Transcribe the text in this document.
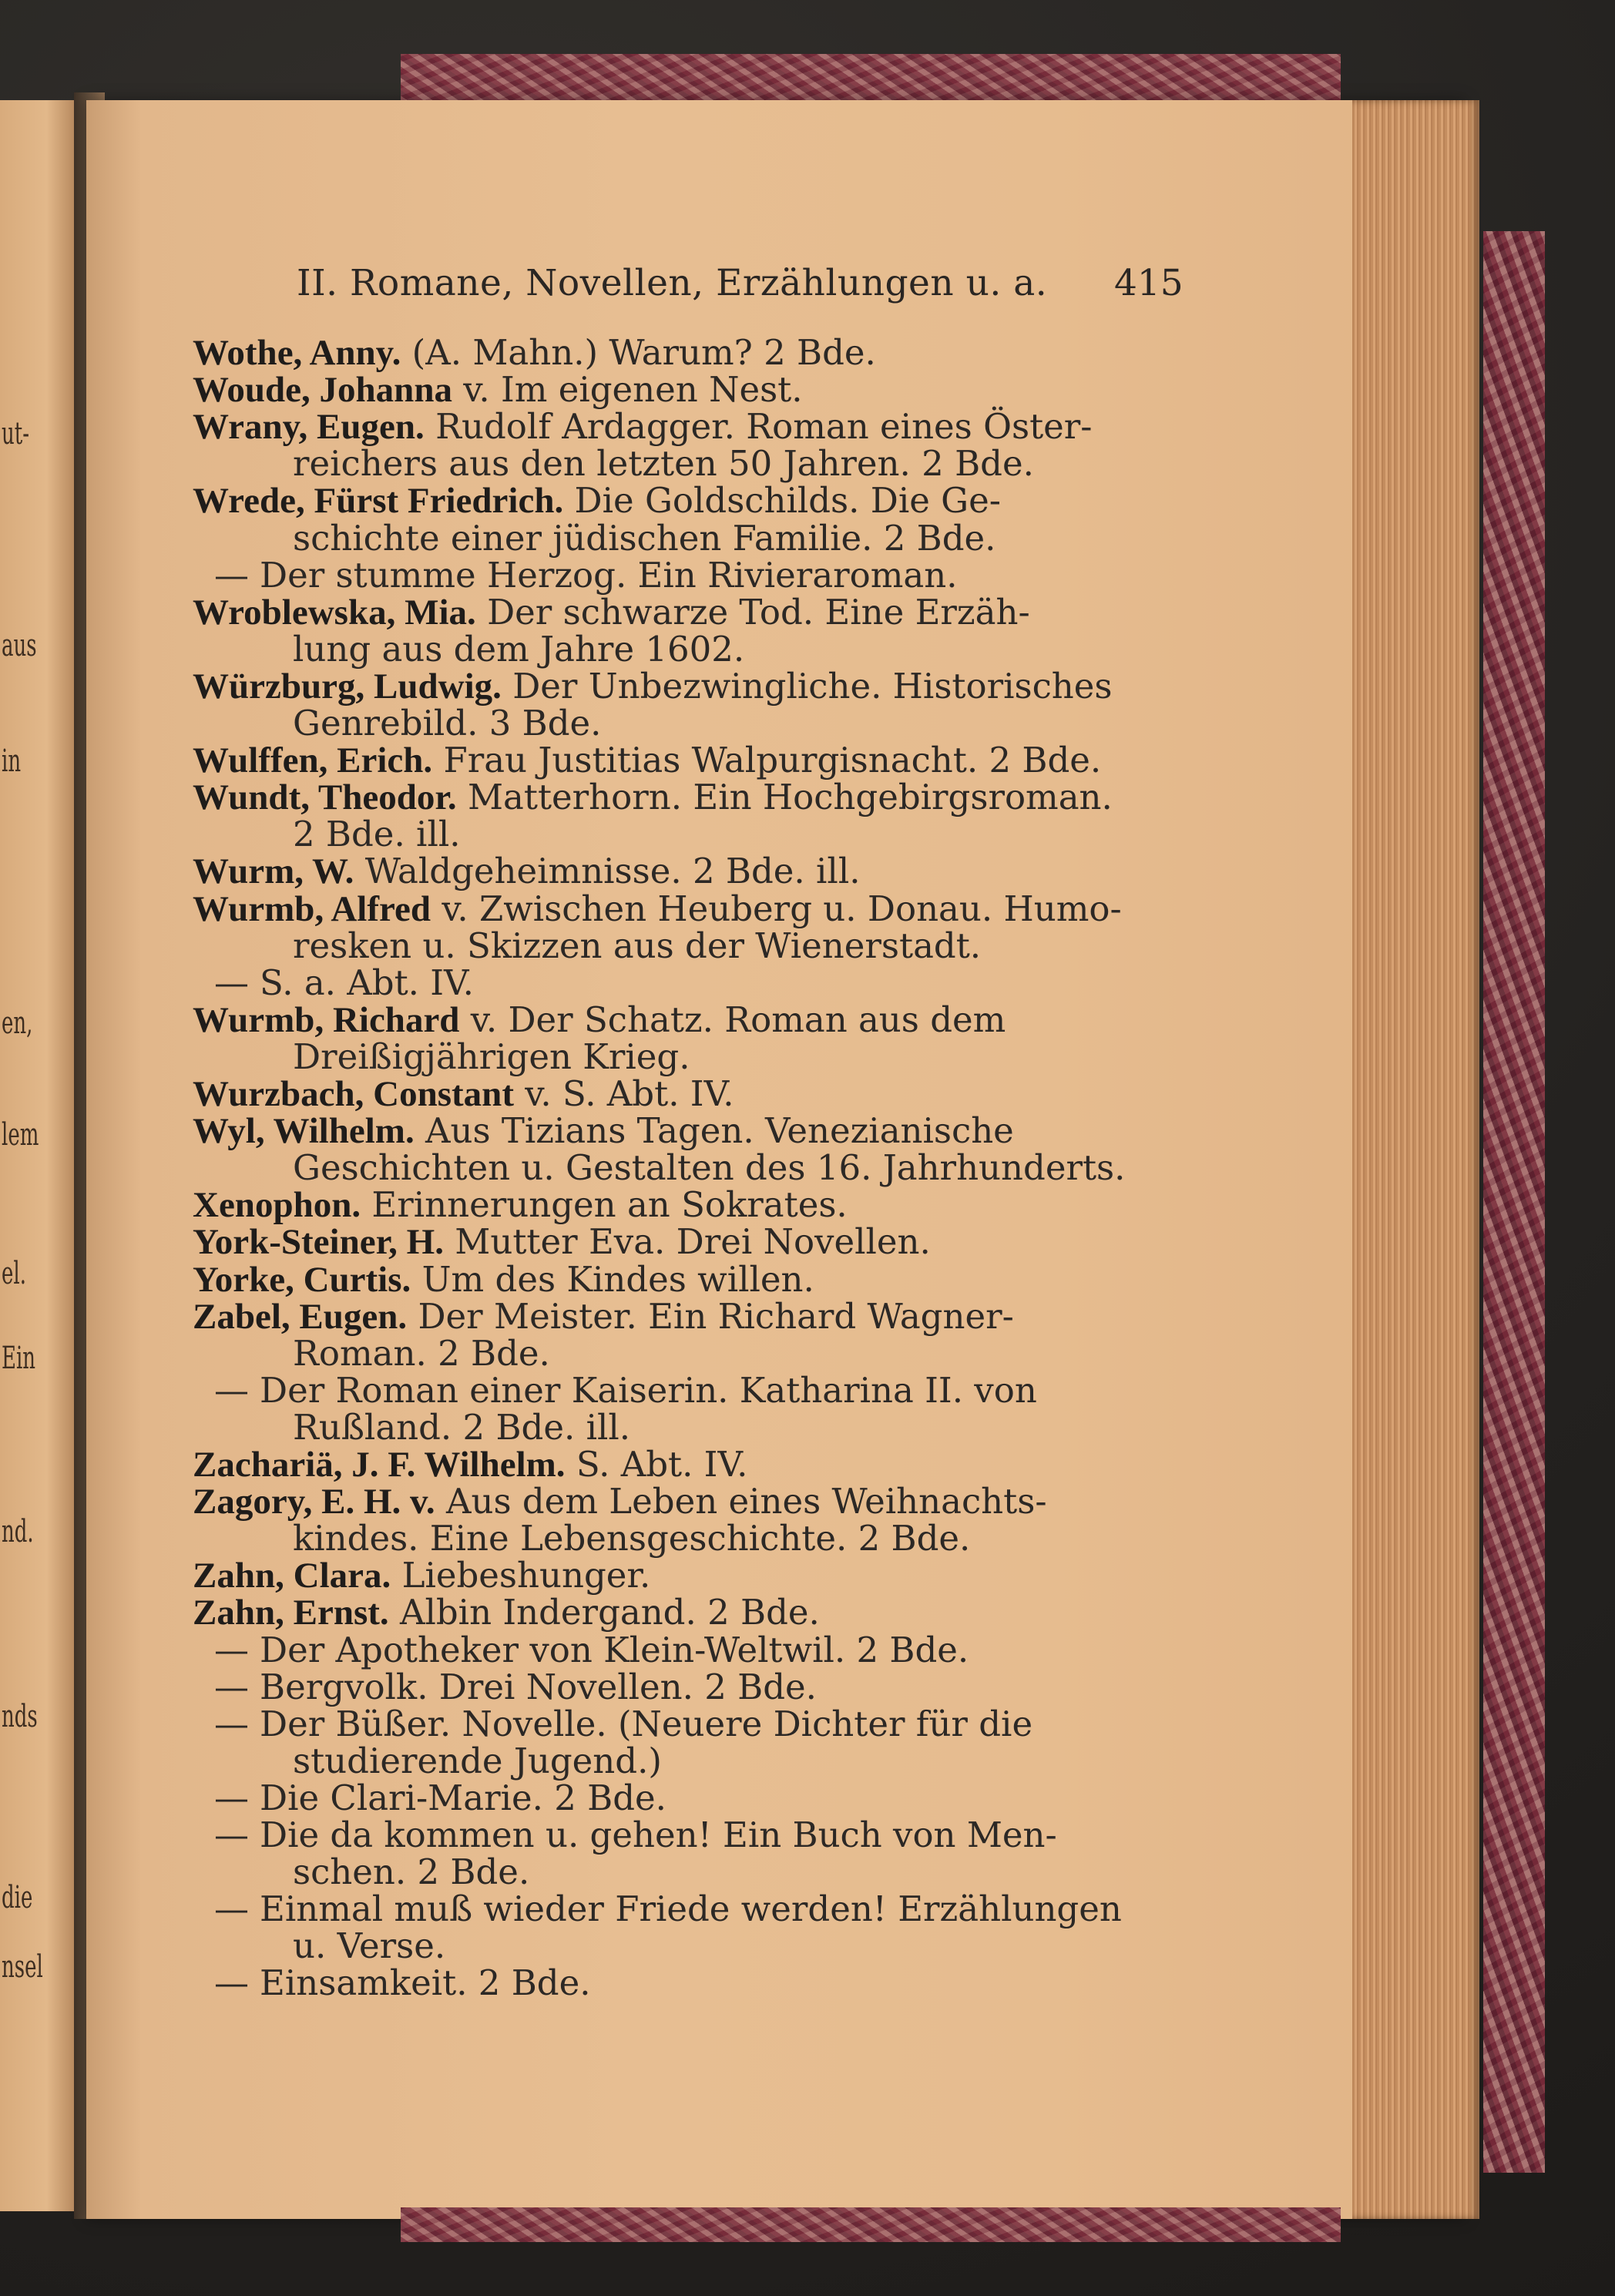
ut-
aus
in
en,
lem
el.
Ein
nd.
nds
die
nsel
II. Romane, Novellen, Erzählungen u. a. 415
Wothe, Anny. (A. Mahn.) Warum? 2 Bde.
Woude, Johanna v. Im eigenen Nest.
Wrany, Eugen. Rudolf Ardagger. Roman eines Öster-
reichers aus den letzten 50 Jahren. 2 Bde.
Wrede, Fürst Friedrich. Die Goldschilds. Die Ge-
schichte einer jüdischen Familie. 2 Bde.
— Der stumme Herzog. Ein Rivieraroman.
Wroblewska, Mia. Der schwarze Tod. Eine Erzäh-
lung aus dem Jahre 1602.
Würzburg, Ludwig. Der Unbezwingliche. Historisches
Genrebild. 3 Bde.
Wulffen, Erich. Frau Justitias Walpurgisnacht. 2 Bde.
Wundt, Theodor. Matterhorn. Ein Hochgebirgsroman.
2 Bde. ill.
Wurm, W. Waldgeheimnisse. 2 Bde. ill.
Wurmb, Alfred v. Zwischen Heuberg u. Donau. Humo-
resken u. Skizzen aus der Wienerstadt.
— S. a. Abt. IV.
Wurmb, Richard v. Der Schatz. Roman aus dem
Dreißigjährigen Krieg.
Wurzbach, Constant v. S. Abt. IV.
Wyl, Wilhelm. Aus Tizians Tagen. Venezianische
Geschichten u. Gestalten des 16. Jahrhunderts.
Xenophon. Erinnerungen an Sokrates.
York-Steiner, H. Mutter Eva. Drei Novellen.
Yorke, Curtis. Um des Kindes willen.
Zabel, Eugen. Der Meister. Ein Richard Wagner-
Roman. 2 Bde.
— Der Roman einer Kaiserin. Katharina II. von
Rußland. 2 Bde. ill.
Zachariä, J. F. Wilhelm. S. Abt. IV.
Zagory, E. H. v. Aus dem Leben eines Weihnachts-
kindes. Eine Lebensgeschichte. 2 Bde.
Zahn, Clara. Liebeshunger.
Zahn, Ernst. Albin Indergand. 2 Bde.
— Der Apotheker von Klein-Weltwil. 2 Bde.
— Bergvolk. Drei Novellen. 2 Bde.
— Der Büßer. Novelle. (Neuere Dichter für die
studierende Jugend.)
— Die Clari-Marie. 2 Bde.
— Die da kommen u. gehen! Ein Buch von Men-
schen. 2 Bde.
— Einmal muß wieder Friede werden! Erzählungen
u. Verse.
— Einsamkeit. 2 Bde.
